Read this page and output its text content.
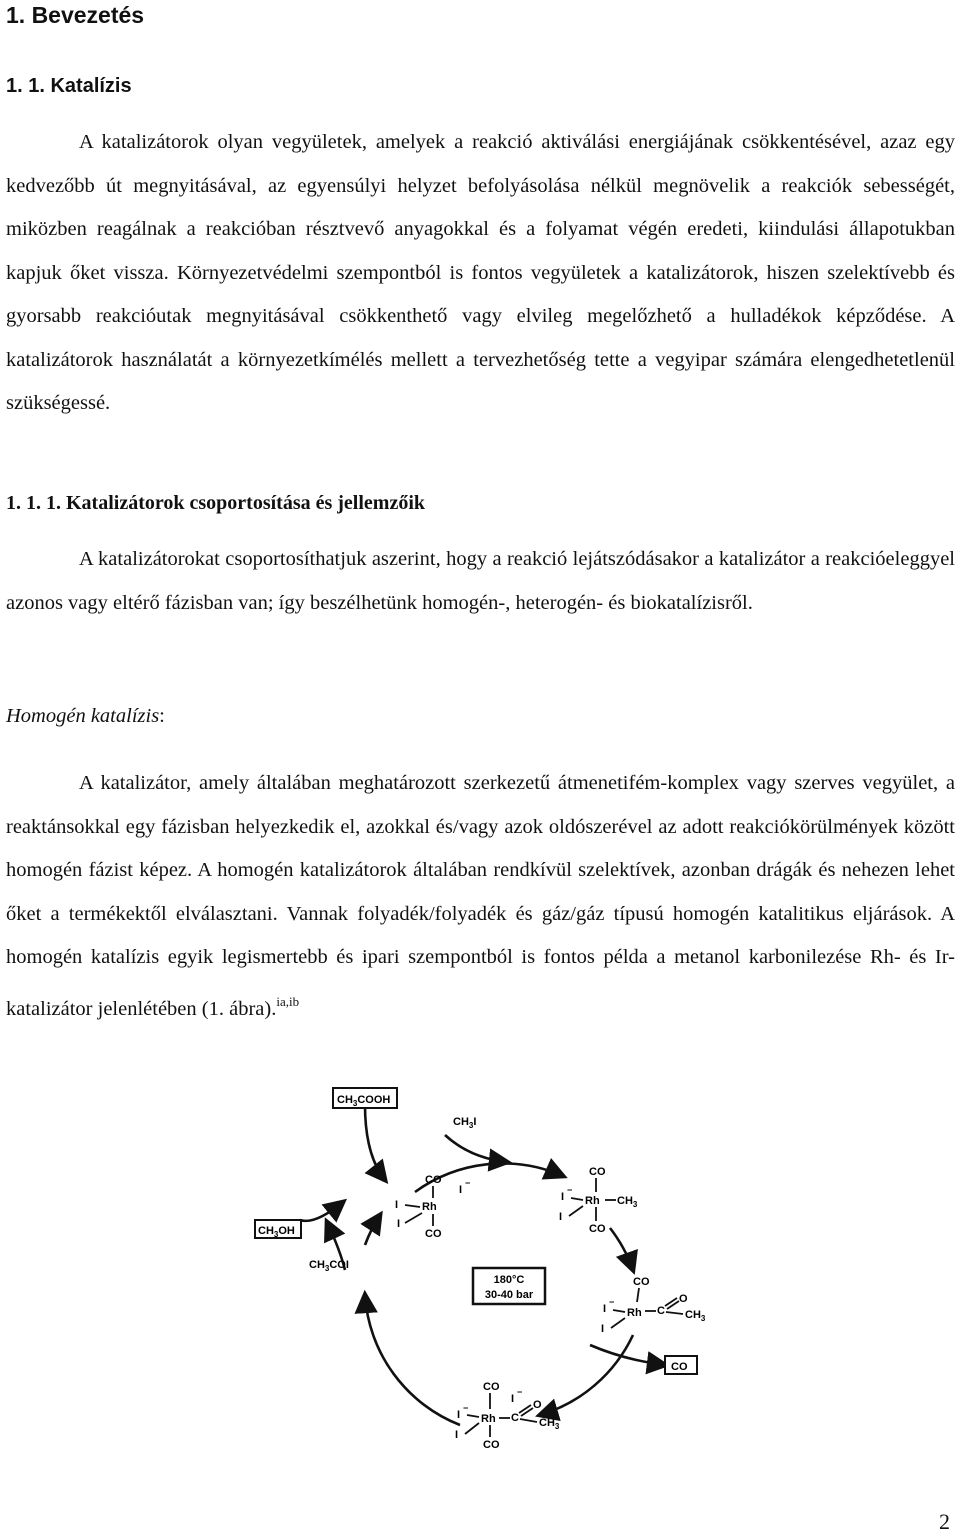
1. Bevezetés
1. 1. Katalízis

A katalizátorok olyan vegyületek, amelyek a reakció aktiválási energiájának csökkentésével, azaz egy kedvezőbb út megnyitásával, az egyensúlyi helyzet befolyásolása nélkül megnövelik a reakciók sebességét, miközben reagálnak a reakcióban résztvevő anyagokkal és a folyamat végén eredeti, kiindulási állapotukban kapjuk őket vissza. Környezetvédelmi szempontból is fontos vegyületek a katalizátorok, hiszen szelektívebb és gyorsabb reakcióutak megnyitásával csökkenthető vagy elvileg megelőzhető a hulladékok képződése. A katalizátorok használatát a környezetkímélés mellett a tervezhetőség tette a vegyipar számára elengedhetetlenül szükségessé.

1. 1. 1. Katalizátorok csoportosítása és jellemzőik

A katalizátorokat csoportosíthatjuk aszerint, hogy a reakció lejátszódásakor a katalizátor a reakcióeleggyel azonos vagy eltérő fázisban van; így beszélhetünk homogén-, heterogén- és biokatalízisről.

Homogén katalízis:

A katalizátor, amely általában meghatározott szerkezetű átmenetifém-komplex vagy szerves vegyület, a reaktánsokkal egy fázisban helyezkedik el, azokkal és/vagy azok oldószerével az adott reakciókörülmények között homogén fázist képez. A homogén katalizátorok általában rendkívül szelektívek, azonban drágák és nehezen lehet őket a termékektől elválasztani. Vannak folyadék/folyadék és gáz/gáz típusú homogén katalitikus eljárások. A homogén katalízis egyik legismertebb és ipari szempontból is fontos példa a metanol karbonilezése Rh- és Ir-katalizátor jelenlétében (1. ábra).$^{ia,ib}$

$CH_3COOH$
$CH_3I$
$CH_3OH$
$CH_3COI$
CO
180°C
30-40 bar
CO
Rh
CO
I
I
I
−
CO
Rh
CO
I
−
I
$CH_3$
CO
Rh
I
−
I
C
O
$CH_3$
CO
Rh
CO
I
−
I
I
−
C
O
$CH_3$
2
